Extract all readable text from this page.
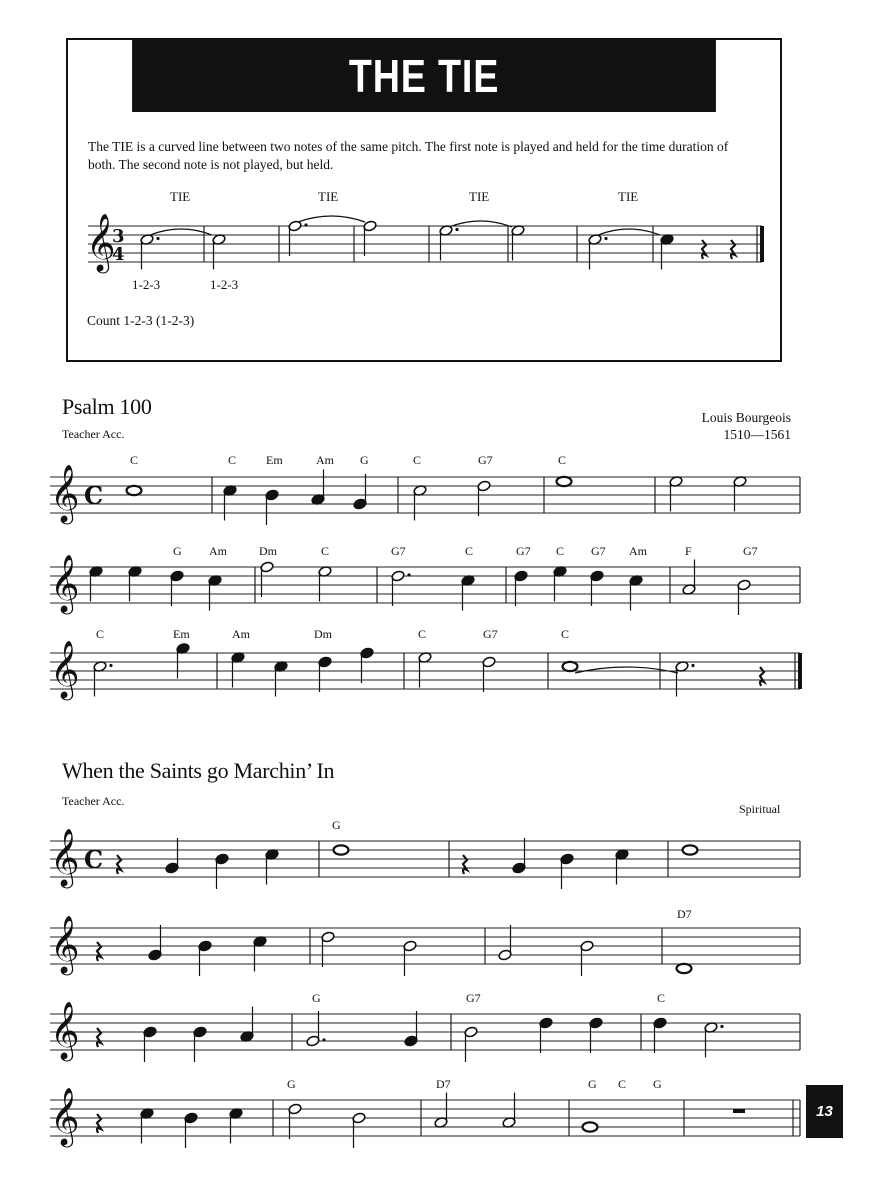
THE TIE
The TIE is a curved line between two notes of the same pitch. The first note is played and held for the time duration of both. The second note is not played, but held.
TIE	TIE	TIE	TIE
1-2-3	1-2-3
Count 1-2-3 (1-2-3)
Psalm 100
Teacher Acc.
Louis Bourgeois
1510—1561
C	C Em	Am G	C	G7	C
G Am	Dm	C	G7	C	G7 C G7 Am	F	G7
C	Em	Am	Dm	C	G7	C
When the Saints go Marchin’ In
Teacher Acc.
Spiritual
G
D7
G	G7	C
G	D7	G C G
13
𝄞
3
4
𝄞 C
𝄞
𝄞
𝄞 C
𝄞
𝄞
𝄞
